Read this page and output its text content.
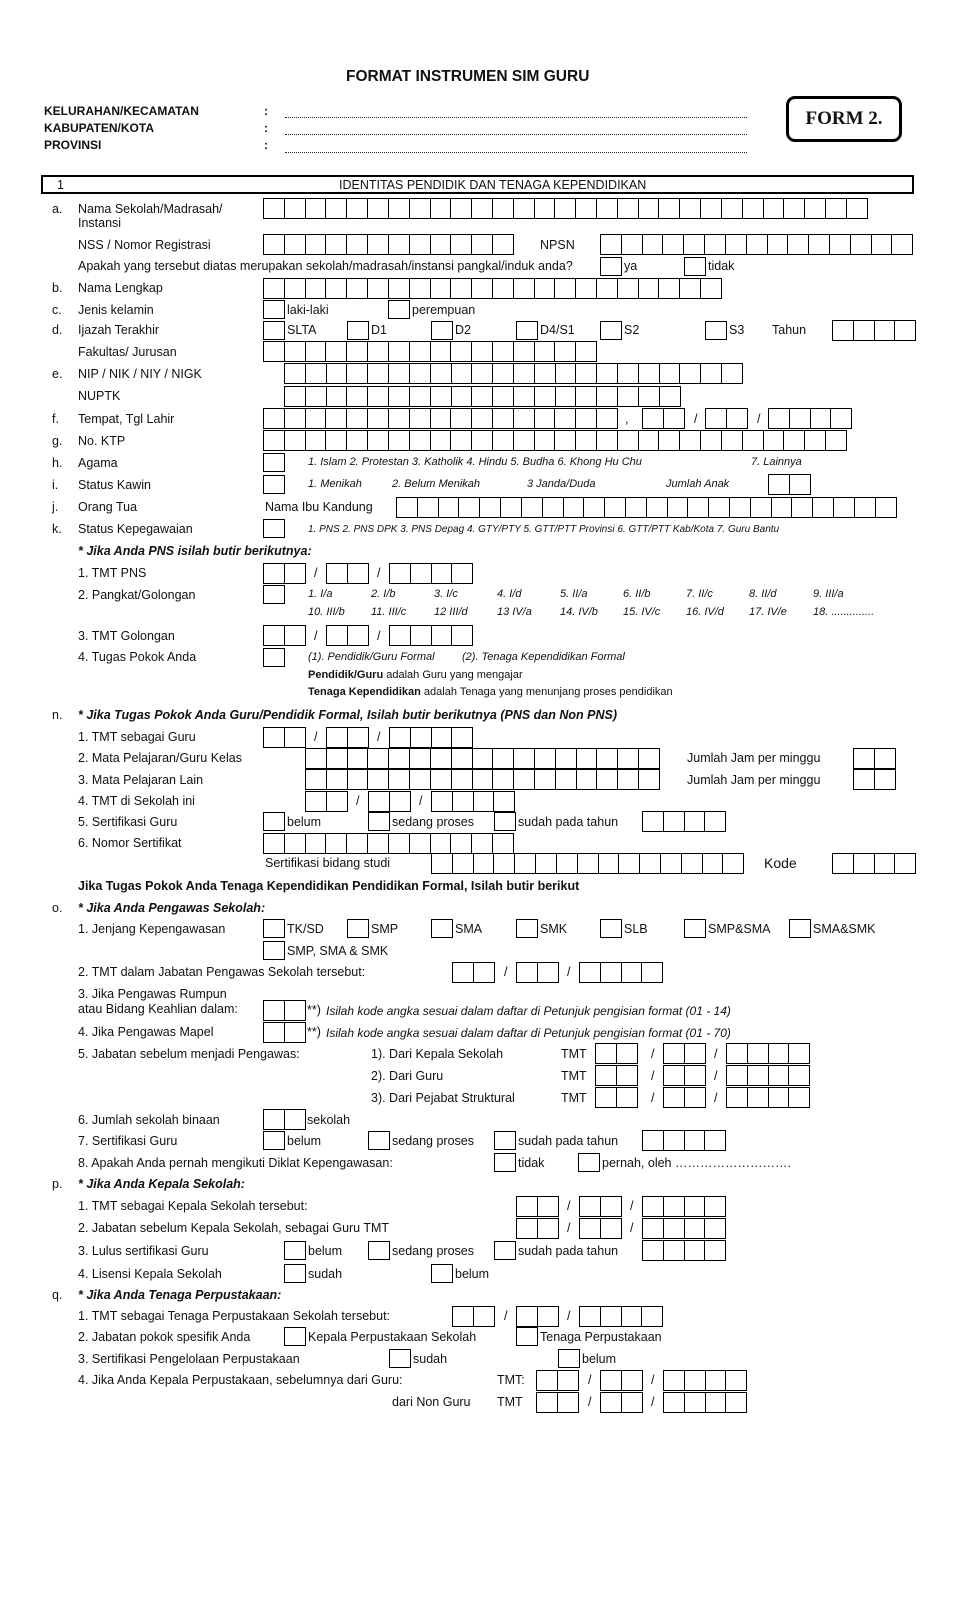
FORMAT INSTRUMEN SIM GURU
FORM 2.
KELURAHAN/KECAMATAN	:
KABUPATEN/KOTA	:
PROVINSI	:
1	IDENTITAS PENDIDIK DAN TENAGA KEPENDIDIKAN
a. Nama Sekolah/Madrasah/
Instansi
NSS / Nomor Registrasi	NPSN
Apakah yang tersebut diatas merupakan sekolah/madrasah/instansi pangkal/induk anda?	ya	tidak
b. Nama Lengkap
c. Jenis kelamin	laki-laki	perempuan
d. Ijazah Terakhir	SLTA	D1	D2	D4/S1	S2	S3 Tahun
Fakultas/ Jurusan
e. NIP / NIK / NIY / NIGK
NUPTK
f. Tempat, Tgl Lahir	,	/	/
g. No. KTP
h. Agama	1. Islam 2. Protestan 3. Katholik 4. Hindu 5. Budha 6. Khong Hu Chu	7. Lainnya
i. Status Kawin	1. Menikah	2. Belum Menikah	3 Janda/Duda	Jumlah Anak
j. Orang Tua	Nama Ibu Kandung
k. Status Kepegawaian	1. PNS 2. PNS DPK 3. PNS Depag 4. GTY/PTY 5. GTT/PTT Provinsi 6. GTT/PTT Kab/Kota 7. Guru Bantu
* Jika Anda PNS isilah butir berikutnya:
1. TMT PNS	/	/
2. Pangkat/Golongan	1. I/a	2. I/b	3. I/c	4. I/d	5. II/a	6. II/b	7. II/c	8. II/d	9. III/a
10. III/b 11. III/c	12 III/d	13 IV/a	14. IV/b 15. IV/c 16. IV/d 17. IV/e 18. ..............
3. TMT Golongan	/	/
4. Tugas Pokok Anda	(1). Pendidik/Guru Formal (2). Tenaga Kependidikan Formal
Pendidik/Guru adalah Guru yang mengajar
Tenaga Kependidikan adalah Tenaga yang menunjang proses pendidikan
n. * Jika Tugas Pokok Anda Guru/Pendidik Formal, Isilah butir berikutnya (PNS dan Non PNS)
1. TMT sebagai Guru	/	/
2. Mata Pelajaran/Guru Kelas	Jumlah Jam per minggu
3. Mata Pelajaran Lain	Jumlah Jam per minggu
4. TMT di Sekolah ini	/	/
5. Sertifikasi Guru	belum	sedang proses	sudah pada tahun
6. Nomor Sertifikat
Sertifikasi bidang studi	Kode
Jika Tugas Pokok Anda Tenaga Kependidikan Pendidikan Formal, Isilah butir berikut
o. * Jika Anda Pengawas Sekolah:
1. Jenjang Kepengawasan	TK/SD	SMP	SMA	SMK	SLB	SMP&SMA	SMA&SMK
SMP, SMA & SMK
2. TMT dalam Jabatan Pengawas Sekolah tersebut:	/	/
3. Jika Pengawas Rumpun
atau Bidang Keahlian dalam:	**) Isilah kode angka sesuai dalam daftar di Petunjuk pengisian format (01 - 14)
4. Jika Pengawas Mapel	**) Isilah kode angka sesuai dalam daftar di Petunjuk pengisian format (01 - 70)
5. Jabatan sebelum menjadi Pengawas:	1). Dari Kepala Sekolah	TMT	/	/
2). Dari Guru	TMT	/	/
3). Dari Pejabat Struktural	TMT	/	/
6. Jumlah sekolah binaan	sekolah
7. Sertifikasi Guru	belum	sedang proses	sudah pada tahun
8. Apakah Anda pernah mengikuti Diklat Kepengawasan:	tidak	pernah, oleh ……………………….
p. * Jika Anda Kepala Sekolah:
1. TMT sebagai Kepala Sekolah tersebut:	/	/
2. Jabatan sebelum Kepala Sekolah, sebagai Guru TMT	/	/
3. Lulus sertifikasi Guru	belum	sedang proses	sudah pada tahun
4. Lisensi Kepala Sekolah	sudah	belum
q. * Jika Anda Tenaga Perpustakaan:
1. TMT sebagai Tenaga Perpustakaan Sekolah tersebut:	/	/
2. Jabatan pokok spesifik Anda	Kepala Perpustakaan Sekolah	Tenaga Perpustakaan
3. Sertifikasi Pengelolaan Perpustakaan	sudah	belum
4. Jika Anda Kepala Perpustakaan, sebelumnya dari Guru:	TMT:	/	/
dari Non Guru TMT	/	/
